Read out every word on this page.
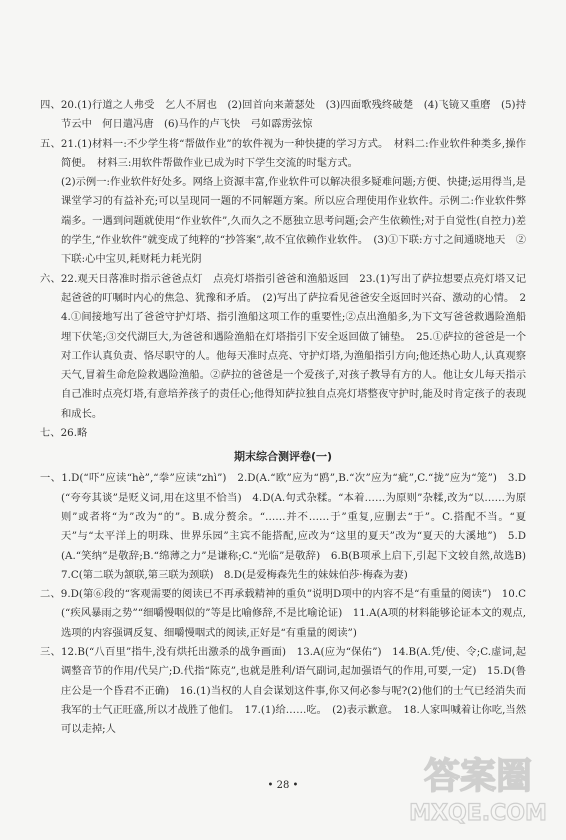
四、20.(1)行道之人弗受　乞人不屑也　(2)回首向来萧瑟处　(3)四面歌残终破楚　(4)飞镜又重磨　(5)持节云中　何日遣冯唐　(6)马作的卢飞快　弓如霹雳弦惊

五、21.(1)材料一:不少学生将“帮做作业”的软件视为一种快捷的学习方式。　材料二:作业软件种类多,操作简便。　材料三:用软件帮做作业已成为时下学生交流的时髦方式。

(2)示例一:作业软件好处多。网络上资源丰富,作业软件可以解决很多疑难问题;方便、快捷;运用得当,是课堂学习的有益补充;可以呈现同一题的不同解题方案。所以应合理使用作业软件。示例二:作业软件弊端多。一遇到问题就使用“作业软件”,久而久之不愿独立思考问题;会产生依赖性;对于自觉性(自控力)差的学生,“作业软件”就变成了纯粹的“抄答案”,故不宜依赖作业软件。　(3)①下联:方寸之间通晓地天　②下联:心中宝贝,耗财耗力耗光阴

六、22.观天日落准时指示爸爸点灯　点亮灯塔指引爸爸和渔船返回　23.(1)写出了萨拉想要点亮灯塔又记起爸爸的叮嘱时内心的焦急、犹豫和矛盾。　(2)写出了萨拉看见爸爸安全返回时兴奋、激动的心情。　24.①间接地写出了爸爸守护灯塔、指引渔船这项工作的重要性;②点出渔船多,为下文写爸爸救遇险渔船埋下伏笔;③交代湖巨大,为爸爸和遇险渔船在灯塔指引下安全返回做了铺垫。　25.①萨拉的爸爸是一个对工作认真负责、恪尽职守的人。他每天准时点亮、守护灯塔,为渔船指引方向;他还热心助人,认真观察天气,冒着生命危险救遇险渔船。②萨拉的爸爸是一个爱孩子,对孩子教导有方的人。他让女儿每天指示自己准时点亮灯塔,有意培养孩子的责任心;他得知萨拉独自点亮灯塔整夜守护时,能及时肯定孩子的表现和成长。

七、26.略

期末综合测评卷(一)

一、1.D(“吓”应读“hè”,“拳”应读“zhì”)　2.D(A.“欧”应为“鸥”,B.“次”应为“疵”,C.“拢”应为“笼”)　3.D(“夸夸其谈”是贬义词,用在这里不恰当)　4.D(A.句式杂糅。“本着……为原则”杂糅,改为“以……为原则”或者将“为”改为“的”。B.成分赘余。“……并不……于”重复,应删去“于”。C.搭配不当。“夏天”与“太平洋上的明珠、世界乐园”主宾不能搭配,应改为“这里的夏天”改为“夏天的大溪地”)　5.D(A.“笑纳”是敬辞;B.“绵薄之力”是谦称;C.“光临”是敬辞)　6.B(B项承上启下,引起下文较自然,故选B)　7.C(第二联为颔联,第三联为颈联)　8.D(是爱梅森先生的妹妹伯莎·梅森为妻)

二、9.D(第⑥段的“客观需要的阅读已不再承载精神的重负”说明D项中的内容不是“有重量的阅读”)　10.C(“疾风暴雨之势”“细嚼慢咽似的”等是比喻修辞,不是比喻论证)　11.A(A项的材料能够论证本文的观点,选项的内容强调反复、细嚼慢咽式的阅读,正好是“有重量的阅读”)

三、12.B(“八百里”指牛,没有烘托出激杀的战争画面)　13.A(应为“保佑”)　14.B(A.凭/使、令;C.虚词,起调整音节的作用/代吴广;D.代指“陈克”,也就是胜利/语气副词,起加强语气的作用,可要,一定)　15.D(鲁庄公是一个昏君不正确)　16.(1)当权的人自会谋划这件事,你又何必参与呢?(2)他们的士气已经消失而我军的士气正旺盛,所以才战胜了他们。　17.(1)给……吃。　(2)表示歉意。　18.人家叫喊着让你吃,当然可以走掉;人

• 28 •	答案圈
MXQE.COM
